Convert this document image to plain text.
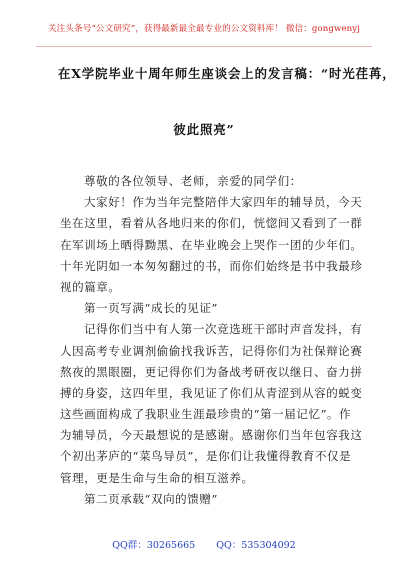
关注头条号“公文研究”，获得最新最全最专业的公文资料库！ 微信：gongwenyj
在X学院毕业十周年师生座谈会上的发言稿：“时光荏苒，
彼此照亮”
尊敬的各位领导、老师，亲爱的同学们：
大家好！作为当年完整陪伴大家四年的辅导员，今天
坐在这里，看着从各地归来的你们，恍惚间又看到了一群
在军训场上晒得黝黑、在毕业晚会上哭作一团的少年们。
十年光阴如一本匆匆翻过的书，而你们始终是书中我最珍
视的篇章。
第一页写满“成长的见证”
记得你们当中有人第一次竞选班干部时声音发抖，有
人因高考专业调剂偷偷找我诉苦，记得你们为社保辩论赛
熬夜的黑眼圈，更记得你们为备战考研夜以继日、奋力拼
搏的身姿，这四年里，我见证了你们从青涩到从容的蜕变
这些画面构成了我职业生涯最珍贵的“第一届记忆”。作
为辅导员，今天最想说的是感谢。感谢你们当年包容我这
个初出茅庐的“菜鸟导员”，是你们让我懂得教育不仅是
管理，更是生命与生命的相互滋养。
第二页承载“双向的馈赠”
QQ群：30265665 QQ：535304092
